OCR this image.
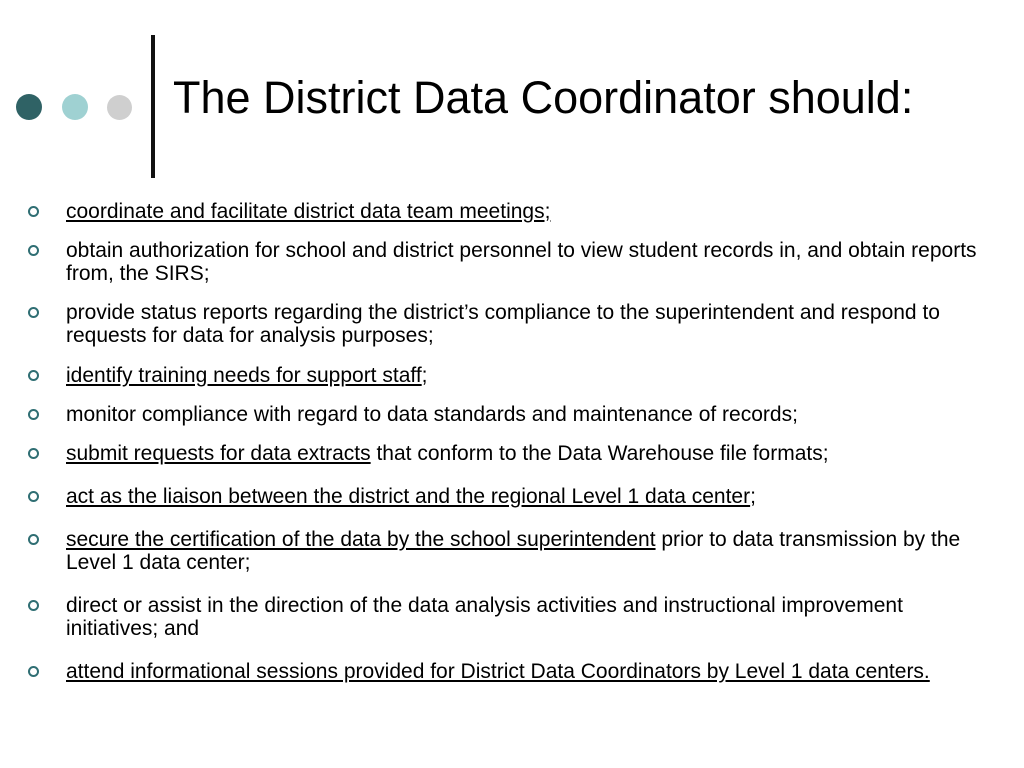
The District Data Coordinator should:
coordinate and facilitate district data team meetings;
obtain authorization for school and district personnel to view student records in, and obtain reports from, the SIRS;
provide status reports regarding the district’s compliance to the superintendent and respond to requests for data for analysis purposes;
identify training needs for support staff;
monitor compliance with regard to data standards and maintenance of records;
submit requests for data extracts that conform to the Data Warehouse file formats;
act as the liaison between the district and the regional Level 1 data center;
secure the certification of the data by the school superintendent prior to data transmission by the Level 1 data center;
direct or assist in the direction of the data analysis activities and instructional improvement initiatives; and
attend informational sessions provided for District Data Coordinators by Level 1 data centers.
